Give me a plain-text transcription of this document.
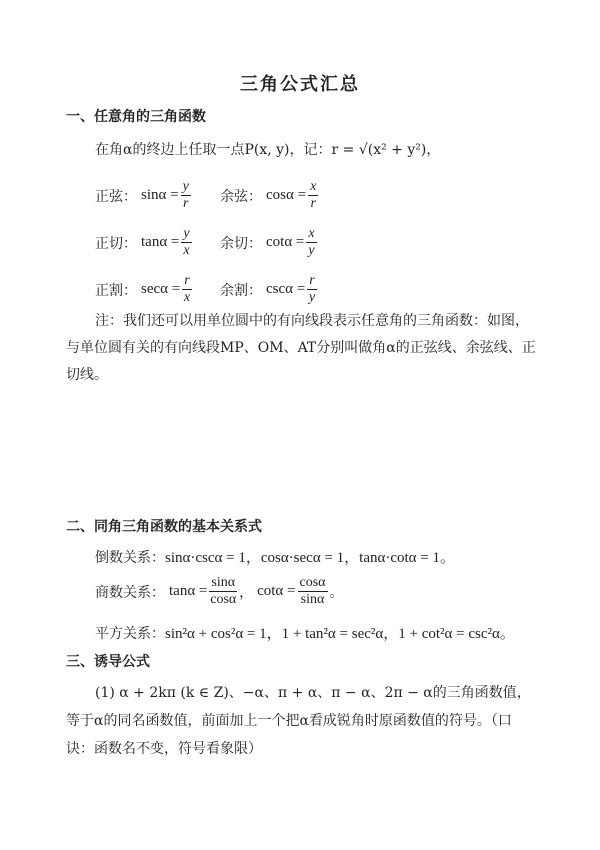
三角公式汇总
一、任意角的三角函数
在角α的终边上任取一点P(x, y)，记：r = √(x² + y²)，
正弦： $\sin\alpha = \frac{y}{r}$ 余弦： $\cos\alpha = \frac{x}{r}$
正切： $\tan\alpha = \frac{y}{x}$ 余切： $\cot\alpha = \frac{x}{y}$
正割： $\sec\alpha = \frac{r}{x}$ 余割： $\csc\alpha = \frac{r}{y}$
注：我们还可以用单位圆中的有向线段表示任意角的三角函数：如图，与单位圆有关的有向线段MP、OM、AT分别叫做角α的正弦线、余弦线、正切线。
二、同角三角函数的基本关系式
倒数关系：sinα·cscα = 1，cosα·secα = 1，tanα·cotα = 1。
商数关系： $\tan\alpha = \frac{\sin\alpha}{\cos\alpha}$ ， $\cot\alpha = \frac{\cos\alpha}{\sin\alpha}$ 。
平方关系：sin²α + cos²α = 1，1 + tan²α = sec²α，1 + cot²α = csc²α。
三、诱导公式
(1) α + 2kπ (k ∈ Z)、−α、π + α、π − α、2π − α的三角函数值，等于α的同名函数值，前面加上一个把α看成锐角时原函数值的符号。（口诀：函数名不变，符号看象限）
